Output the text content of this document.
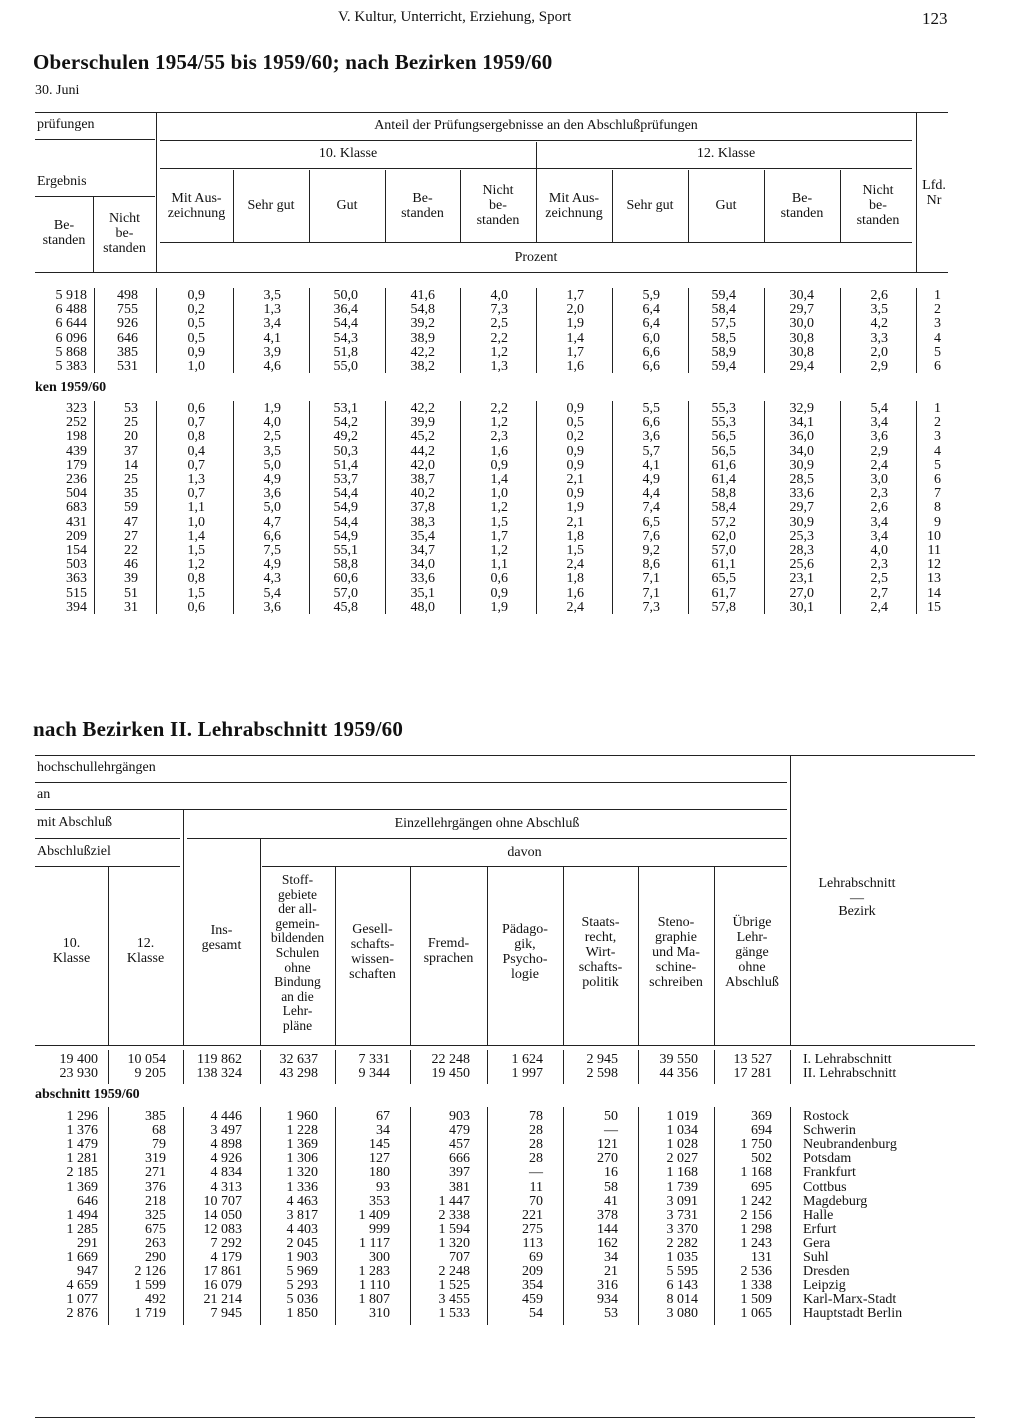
V. Kultur, Unterricht, Erziehung, Sport	123
Oberschulen 1954/55 bis 1959/60; nach Bezirken 1959/60
30. Juni
prüfungen	Anteil der Prüfungsergebnisse an den Abschlußprüfungen
10. Klasse	12. Klasse
Ergebnis
Be-
standen
Nicht
be-
standen
Mit Aus-
zeichnung
Sehr gut	Gut	Be-
standen
Nicht
be-
standen
Mit Aus-
zeichnung
Sehr gut	Gut	Be-
standen
Nicht
be-
standen
Prozent
Lfd.
Nr
5 918	498	0,9	3,5	50,0	41,6	4,0	1,7	5,9	59,4	30,4	2,6	1
6 488	755	0,2	1,3	36,4	54,8	7,3	2,0	6,4	58,4	29,7	3,5	2
6 644	926	0,5	3,4	54,4	39,2	2,5	1,9	6,4	57,5	30,0	4,2	3
6 096	646	0,5	4,1	54,3	38,9	2,2	1,4	6,0	58,5	30,8	3,3	4
5 868	385	0,9	3,9	51,8	42,2	1,2	1,7	6,6	58,9	30,8	2,0	5
5 383	531	1,0	4,6	55,0	38,2	1,3	1,6	6,6	59,4	29,4	2,9	6
323	53	0,6	1,9	53,1	42,2	2,2	0,9	5,5	55,3	32,9	5,4	1
252	25	0,7	4,0	54,2	39,9	1,2	0,5	6,6	55,3	34,1	3,4	2
198	20	0,8	2,5	49,2	45,2	2,3	0,2	3,6	56,5	36,0	3,6	3
439	37	0,4	3,5	50,3	44,2	1,6	0,9	5,7	56,5	34,0	2,9	4
179	14	0,7	5,0	51,4	42,0	0,9	0,9	4,1	61,6	30,9	2,4	5
236	25	1,3	4,9	53,7	38,7	1,4	2,1	4,9	61,4	28,5	3,0	6
504	35	0,7	3,6	54,4	40,2	1,0	0,9	4,4	58,8	33,6	2,3	7
683	59	1,1	5,0	54,9	37,8	1,2	1,9	7,4	58,4	29,7	2,6	8
431	47	1,0	4,7	54,4	38,3	1,5	2,1	6,5	57,2	30,9	3,4	9
209	27	1,4	6,6	54,9	35,4	1,7	1,8	7,6	62,0	25,3	3,4	10
154	22	1,5	7,5	55,1	34,7	1,2	1,5	9,2	57,0	28,3	4,0	11
503	46	1,2	4,9	58,8	34,0	1,1	2,4	8,6	61,1	25,6	2,3	12
363	39	0,8	4,3	60,6	33,6	0,6	1,8	7,1	65,5	23,1	2,5	13
515	51	1,5	5,4	57,0	35,1	0,9	1,6	7,1	61,7	27,0	2,7	14
394	31	0,6	3,6	45,8	48,0	1,9	2,4	7,3	57,8	30,1	2,4	15
ken 1959/60
nach Bezirken II. Lehrabschnitt 1959/60
hochschullehrgängen
an
mit Abschluß	Einzellehrgängen ohne Abschluß
Abschlußziel	davon
10.
Klasse
12.
Klasse
Ins-
gesamt
Stoff-
gebiete
der all-
gemein-
bildenden
Schulen
ohne
Bindung
an die
Lehr-
pläne
Gesell-
schafts-
wissen-
schaften
Fremd-
sprachen
Pädago-
gik,
Psycho-
logie
Staats-
recht,
Wirt-
schafts-
politik
Steno-
graphie
und Ma-
schine-
schreiben
Übrige
Lehr-
gänge
ohne
Abschluß
Lehrabschnitt
—
Bezirk
19 400	10 054	119 862	32 637	7 331	22 248	1 624	2 945	39 550	13 527 I. Lehrabschnitt
23 930	9 205	138 324	43 298	9 344	19 450	1 997	2 598	44 356	17 281 II. Lehrabschnitt
1 296	385	4 446	1 960	67	903	78	50	1 019	369 Rostock
1 376	68	3 497	1 228	34	479	28	—	1 034	694 Schwerin
1 479	79	4 898	1 369	145	457	28	121	1 028	1 750 Neubrandenburg
1 281	319	4 926	1 306	127	666	28	270	2 027	502 Potsdam
2 185	271	4 834	1 320	180	397	—	16	1 168	1 168 Frankfurt
1 369	376	4 313	1 336	93	381	11	58	1 739	695 Cottbus
646	218	10 707	4 463	353	1 447	70	41	3 091	1 242 Magdeburg
1 494	325	14 050	3 817	1 409	2 338	221	378	3 731	2 156 Halle
1 285	675	12 083	4 403	999	1 594	275	144	3 370	1 298 Erfurt
291	263	7 292	2 045	1 117	1 320	113	162	2 282	1 243 Gera
1 669	290	4 179	1 903	300	707	69	34	1 035	131 Suhl
947	2 126	17 861	5 969	1 283	2 248	209	21	5 595	2 536 Dresden
4 659	1 599	16 079	5 293	1 110	1 525	354	316	6 143	1 338 Leipzig
1 077	492	21 214	5 036	1 807	3 455	459	934	8 014	1 509 Karl-Marx-Stadt
2 876	1 719	7 945	1 850	310	1 533	54	53	3 080	1 065 Hauptstadt Berlin
abschnitt 1959/60
